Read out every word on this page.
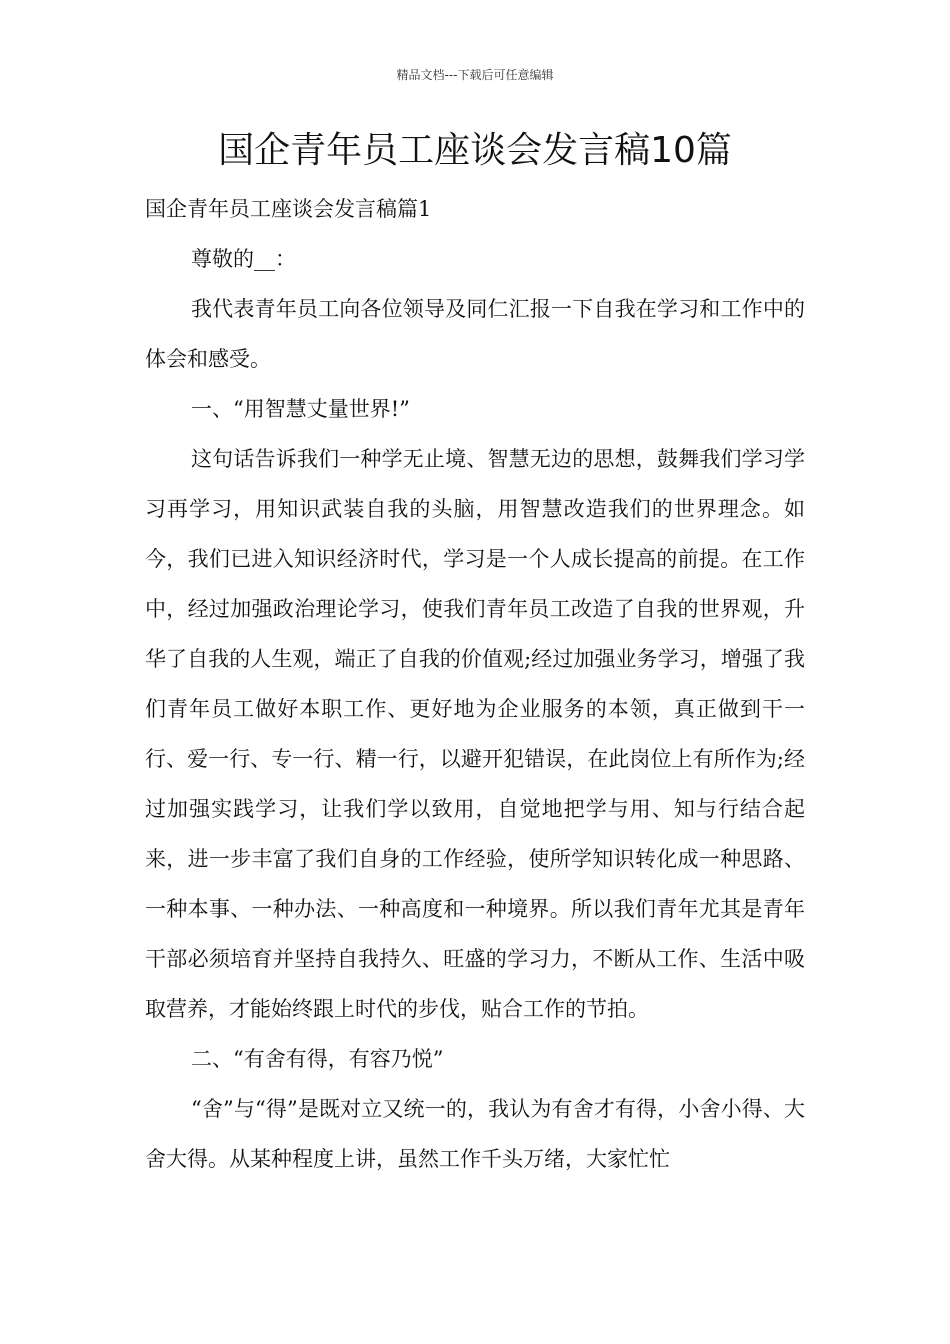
精品文档---下载后可任意编辑
国企青年员工座谈会发言稿10篇

国企青年员工座谈会发言稿篇1

尊敬的__：

我代表青年员工向各位领导及同仁汇报一下自我在学习和工作中的体会和感受。

一、“用智慧丈量世界!”

这句话告诉我们一种学无止境、智慧无边的思想，鼓舞我们学习学习再学习，用知识武装自我的头脑，用智慧改造我们的世界理念。如今，我们已进入知识经济时代，学习是一个人成长提高的前提。在工作中，经过加强政治理论学习，使我们青年员工改造了自我的世界观，升华了自我的人生观，端正了自我的价值观;经过加强业务学习，增强了我们青年员工做好本职工作、更好地为企业服务的本领，真正做到干一行、爱一行、专一行、精一行，以避开犯错误，在此岗位上有所作为;经过加强实践学习，让我们学以致用，自觉地把学与用、知与行结合起来，进一步丰富了我们自身的工作经验，使所学知识转化成一种思路、一种本事、一种办法、一种高度和一种境界。所以我们青年尤其是青年干部必须培育并坚持自我持久、旺盛的学习力，不断从工作、生活中吸取营养，才能始终跟上时代的步伐，贴合工作的节拍。

二、“有舍有得，有容乃悦”

“舍”与“得”是既对立又统一的，我认为有舍才有得，小舍小得、大舍大得。从某种程度上讲，虽然工作千头万绪，大家忙忙
